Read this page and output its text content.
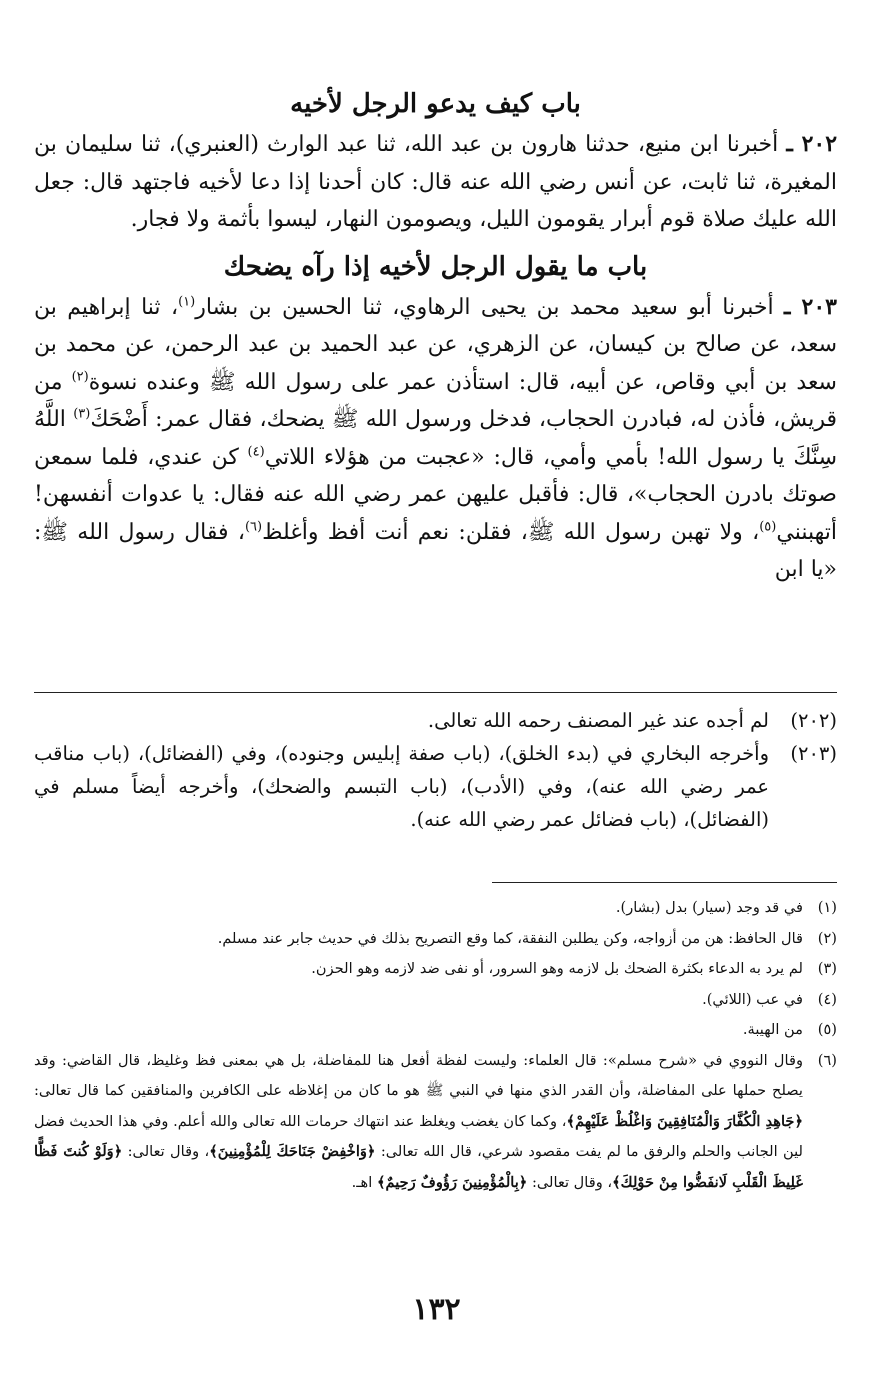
باب كيف يدعو الرجل لأخيه

٢٠٢ ـ أخبرنا ابن منيع، حدثنا هارون بن عبد الله، ثنا عبد الوارث (العنبري)، ثنا سليمان بن المغيرة، ثنا ثابت، عن أنس رضي الله عنه قال: كان أحدنا إذا دعا لأخيه فاجتهد قال: جعل الله عليك صلاة قوم أبرار يقومون الليل، ويصومون النهار، ليسوا بأثمة ولا فجار.

باب ما يقول الرجل لأخيه إذا رآه يضحك

٢٠٣ ـ أخبرنا أبو سعيد محمد بن يحيى الرهاوي، ثنا الحسين بن بشار$^{(١)}$، ثنا إبراهيم بن سعد، عن صالح بن كيسان، عن الزهري، عن عبد الحميد بن عبد الرحمن، عن محمد بن سعد بن أبي وقاص، عن أبيه، قال: استأذن عمر على رسول الله ﷺ وعنده نسوة$^{(٢)}$ من قريش، فأذن له، فبادرن الحجاب، فدخل ورسول الله ﷺ يضحك، فقال عمر: أَضْحَكَ$^{(٣)}$ اللَّهُ سِنَّكَ يا رسول الله! بأمي وأمي، قال: «عجبت من هؤلاء اللاتي$^{(٤)}$ كن عندي، فلما سمعن صوتك بادرن الحجاب»، قال: فأقبل عليهن عمر رضي الله عنه فقال: يا عدوات أنفسهن! أتهبنني$^{(٥)}$، ولا تهبن رسول الله ﷺ، فقلن: نعم أنت أفظ وأغلظ$^{(٦)}$، فقال رسول الله ﷺ: «يا ابن

(٢٠٢)
لم أجده عند غير المصنف رحمه الله تعالى.
(٢٠٣)
وأخرجه البخاري في (بدء الخلق)، (باب صفة إبليس وجنوده)، وفي (الفضائل)، (باب مناقب عمر رضي الله عنه)، وفي (الأدب)، (باب التبسم والضحك)، وأخرجه أيضاً مسلم في (الفضائل)، (باب فضائل عمر رضي الله عنه).
(١)
في قد وجد (سيار) بدل (بشار).
(٢)
قال الحافظ: هن من أزواجه، وكن يطلبن النفقة، كما وقع التصريح بذلك في حديث جابر عند مسلم.
(٣)
لم يرد به الدعاء بكثرة الضحك بل لازمه وهو السرور، أو نفى ضد لازمه وهو الحزن.
(٤)
في عب (اللائي).
(٥)
من الهيبة.
(٦)
وقال النووي في «شرح مسلم»: قال العلماء: وليست لفظة أفعل هنا للمفاضلة، بل هي بمعنى فظ وغليظ، قال القاضي: وقد يصلح حملها على المفاضلة، وأن القدر الذي منها في النبي ﷺ هو ما كان من إغلاظه على الكافرين والمنافقين كما قال تعالى: ﴿جَاهِدِ الْكُفَّارَ وَالْمُنَافِقِينَ وَاغْلُظْ عَلَيْهِمْ﴾، وكما كان يغضب ويغلظ عند انتهاك حرمات الله تعالى والله أعلم. وفي هذا الحديث فضل لين الجانب والحلم والرفق ما لم يفت مقصود شرعي، قال الله تعالى: ﴿وَاخْفِضْ جَنَاحَكَ لِلْمُؤْمِنِينَ﴾، وقال تعالى: ﴿وَلَوْ كُنتَ فَظًّا غَلِيظَ الْقَلْبِ لَانفَضُّوا مِنْ حَوْلِكَ﴾، وقال تعالى: ﴿بِالْمُؤْمِنِينَ رَؤُوفٌ رَحِيمٌ﴾ اهـ.
١٣٢
